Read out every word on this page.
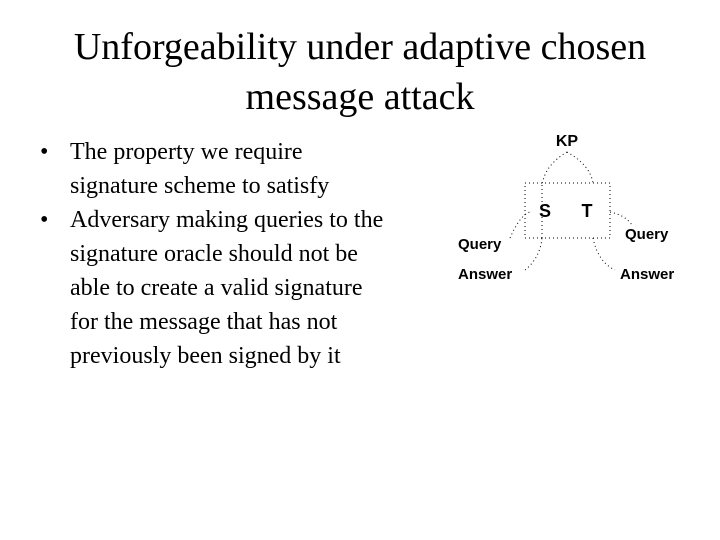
Unforgeability under adaptive chosen
message attack
• The property we require
signature scheme to satisfy
• Adversary making queries to the
signature oracle should not be
able to create a valid signature
for the message that has not
previously been signed by it
KP
S T
Query
Answer
Query
Answer
